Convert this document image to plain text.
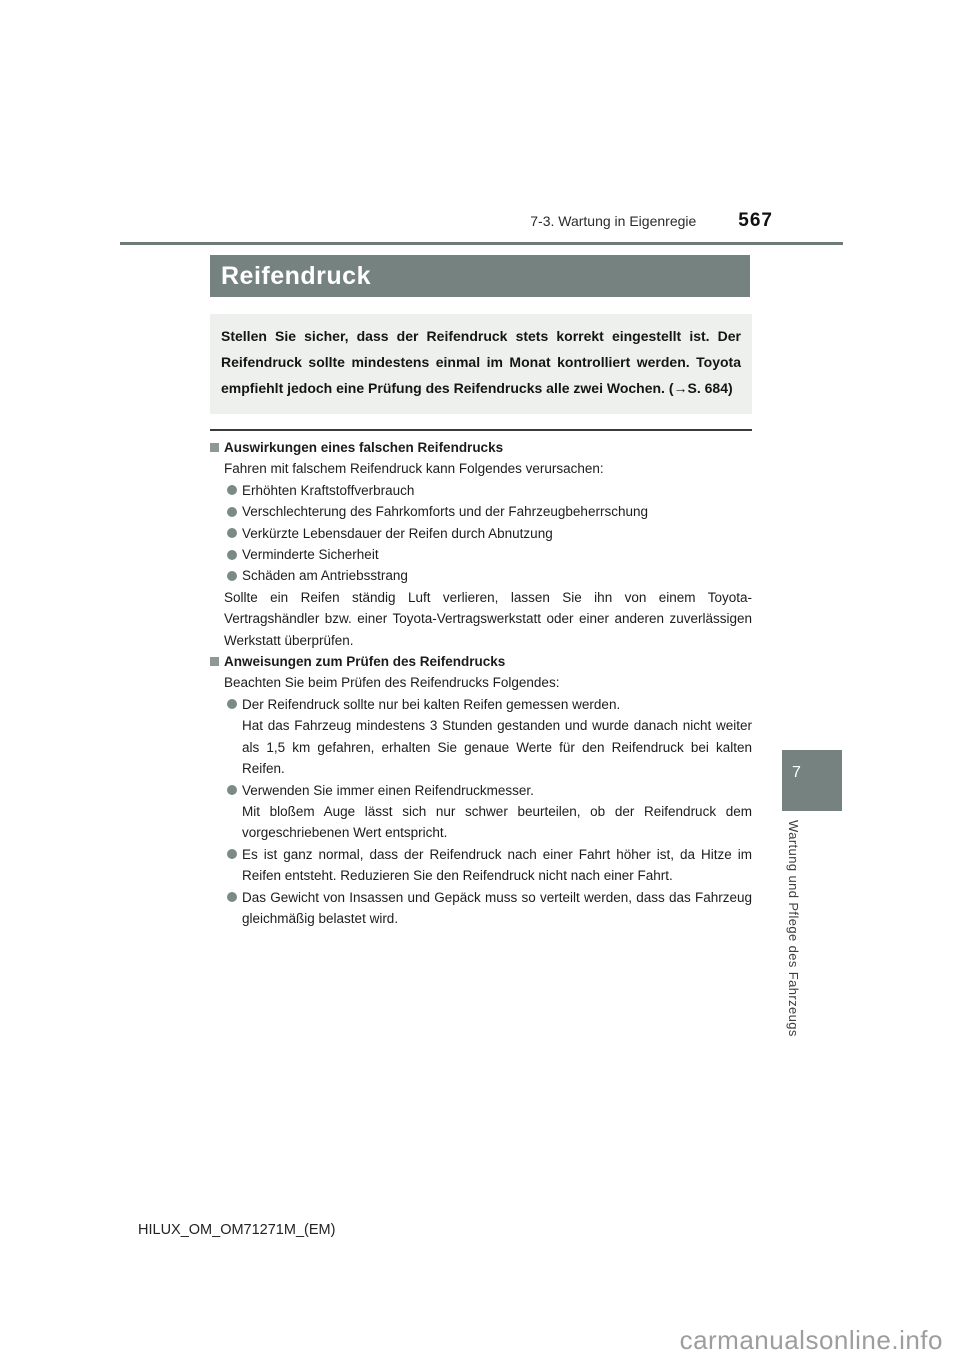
7-3. Wartung in Eigenregie 567
Reifendruck
Stellen Sie sicher, dass der Reifendruck stets korrekt eingestellt ist. Der Reifendruck sollte mindestens einmal im Monat kontrolliert werden. Toyota empfiehlt jedoch eine Prüfung des Reifendrucks alle zwei Wochen. (→S. 684)
Auswirkungen eines falschen Reifendrucks
Fahren mit falschem Reifendruck kann Folgendes verursachen:
Erhöhten Kraftstoffverbrauch
Verschlechterung des Fahrkomforts und der Fahrzeugbeherrschung
Verkürzte Lebensdauer der Reifen durch Abnutzung
Verminderte Sicherheit
Schäden am Antriebsstrang
Sollte ein Reifen ständig Luft verlieren, lassen Sie ihn von einem Toyota-Vertragshändler bzw. einer Toyota-Vertragswerkstatt oder einer anderen zuverlässigen Werkstatt überprüfen.
Anweisungen zum Prüfen des Reifendrucks
Beachten Sie beim Prüfen des Reifendrucks Folgendes:
Der Reifendruck sollte nur bei kalten Reifen gemessen werden.
Hat das Fahrzeug mindestens 3 Stunden gestanden und wurde danach nicht weiter als 1,5 km gefahren, erhalten Sie genaue Werte für den Reifendruck bei kalten Reifen.
Verwenden Sie immer einen Reifendruckmesser.
Mit bloßem Auge lässt sich nur schwer beurteilen, ob der Reifendruck dem vorgeschriebenen Wert entspricht.
Es ist ganz normal, dass der Reifendruck nach einer Fahrt höher ist, da Hitze im Reifen entsteht. Reduzieren Sie den Reifendruck nicht nach einer Fahrt.
Das Gewicht von Insassen und Gepäck muss so verteilt werden, dass das Fahrzeug gleichmäßig belastet wird.
7
Wartung und Pflege des Fahrzeugs
HILUX_OM_OM71271M_(EM)
carmanualsonline.info
